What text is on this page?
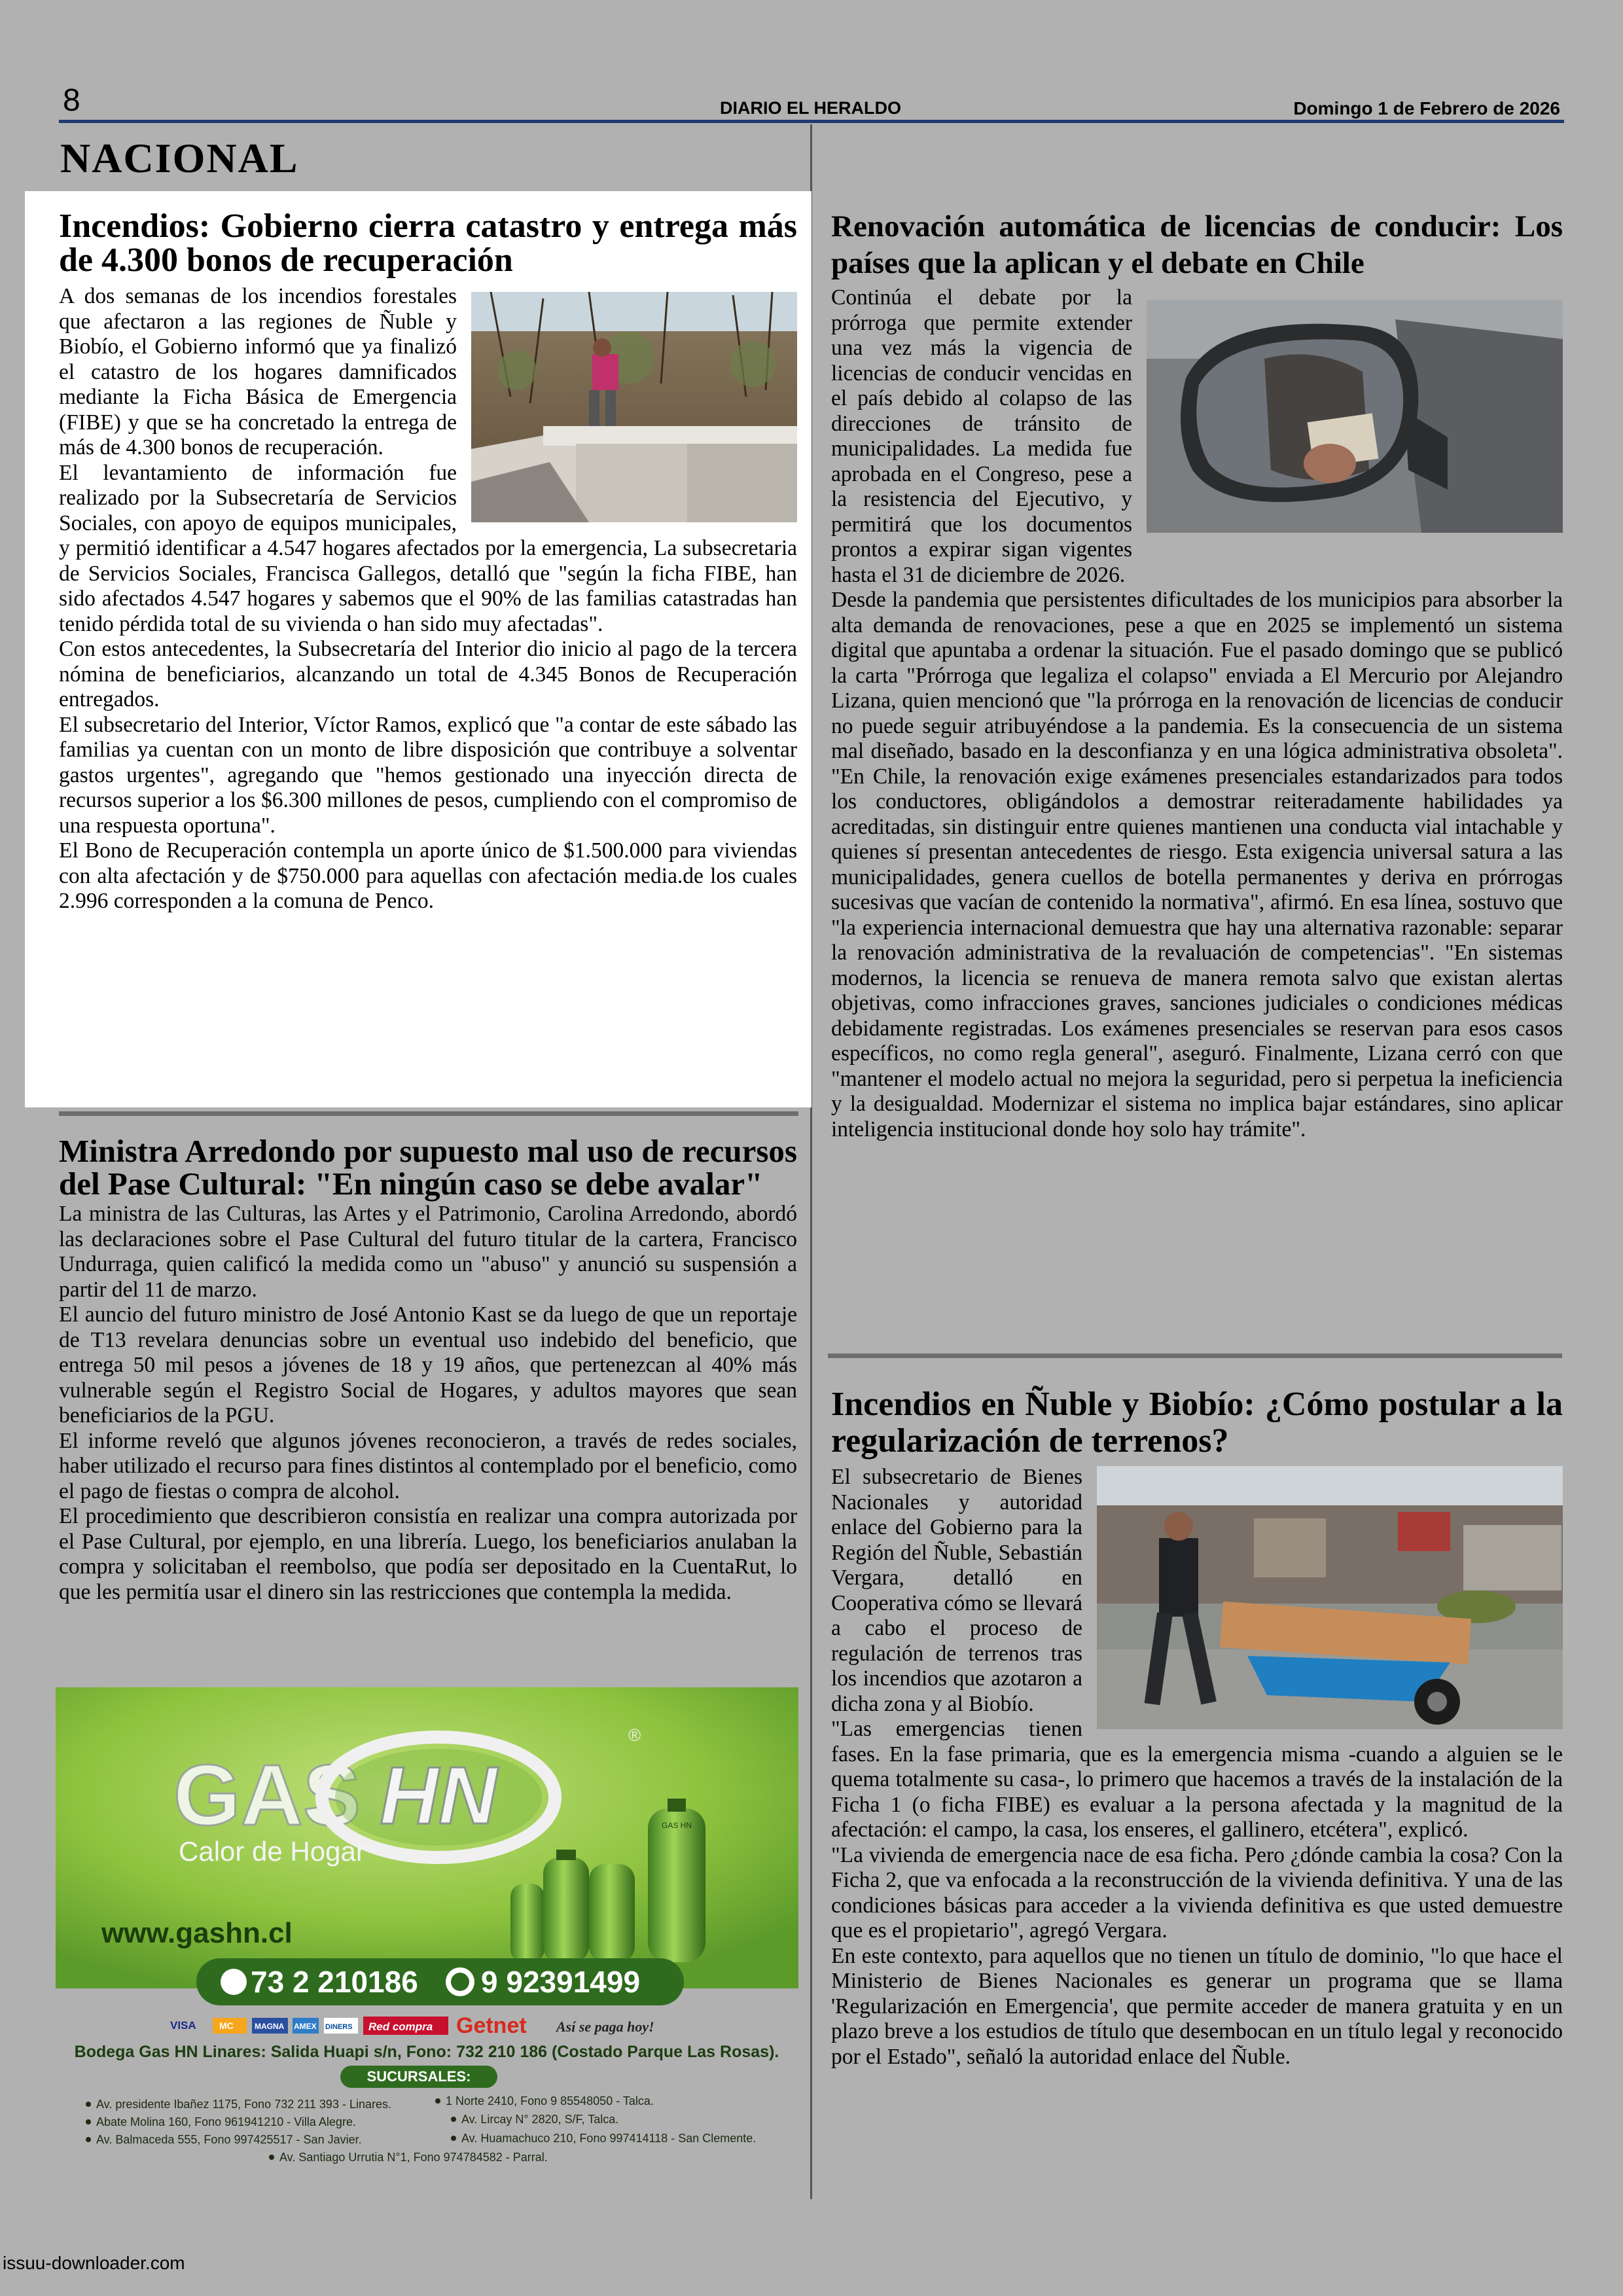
8	DIARIO EL HERALDO	Domingo 1 de Febrero de 2026
NACIONAL
Incendios: Gobierno cierra catastro y entrega más de 4.300 bonos de recuperación

A dos semanas de los incendios forestales que afectaron a las regiones de Ñuble y Biobío, el Gobierno informó que ya finalizó el catastro de los hogares damnificados mediante la Ficha Básica de Emergencia (FIBE) y que se ha concretado la entrega de más de 4.300 bonos de recuperación.

El levantamiento de información fue realizado por la Subsecretaría de Servicios Sociales, con apoyo de equipos municipales, y permitió identificar a 4.547 hogares afectados por la emergencia, La subsecretaria de Servicios Sociales, Francisca Gallegos, detalló que "según la ficha FIBE, han sido afectados 4.547 hogares y sabemos que el 90% de las familias catastradas han tenido pérdida total de su vivienda o han sido muy afectadas".

Con estos antecedentes, la Subsecretaría del Interior dio inicio al pago de la tercera nómina de beneficiarios, alcanzando un total de 4.345 Bonos de Recuperación entregados.

El subsecretario del Interior, Víctor Ramos, explicó que "a contar de este sábado las familias ya cuentan con un monto de libre disposición que contribuye a solventar gastos urgentes", agregando que "hemos gestionado una inyección directa de recursos superior a los $6.300 millones de pesos, cumpliendo con el compromiso de una respuesta oportuna".

El Bono de Recuperación contempla un aporte único de $1.500.000 para viviendas con alta afectación y de $750.000 para aquellas con afectación media.de los cuales 2.996 corresponden a la comuna de Penco.

Ministra Arredondo por supuesto mal uso de recursos del Pase Cultural: "En ningún caso se debe avalar"

La ministra de las Culturas, las Artes y el Patrimonio, Carolina Arredondo, abordó las declaraciones sobre el Pase Cultural del futuro titular de la cartera, Francisco Undurraga, quien calificó la medida como un "abuso" y anunció su suspensión a partir del 11 de marzo.

El auncio del futuro ministro de José Antonio Kast se da luego de que un reportaje de T13 revelara denuncias sobre un eventual uso indebido del beneficio, que entrega 50 mil pesos a jóvenes de 18 y 19 años, que pertenezcan al 40% más vulnerable según el Registro Social de Hogares, y adultos mayores que sean beneficiarios de la PGU.

El informe reveló que algunos jóvenes reconocieron, a través de redes sociales, haber utilizado el recurso para fines distintos al contemplado por el beneficio, como el pago de fiestas o compra de alcohol.

El procedimiento que describieron consistía en realizar una compra autorizada por el Pase Cultural, por ejemplo, en una librería. Luego, los beneficiarios anulaban la compra y solicitaban el reembolso, que podía ser depositado en la CuentaRut, lo que les permitía usar el dinero sin las restricciones que contempla la medida.

GAS HN
®
Calor de Hogar
GAS HN
www.gashn.cl
73 2 210186 9 92391499
VISA	MC	MAGNA AMEX DINERS Red compra Getnet Así se paga hoy!
Bodega Gas HN Linares: Salida Huapi s/n, Fono: 732 210 186 (Costado Parque Las Rosas).
SUCURSALES:
Av. presidente Ibañez 1175, Fono 732 211 393 - Linares.
Abate Molina 160, Fono 961941210 - Villa Alegre.
Av. Balmaceda 555, Fono 997425517 - San Javier.
1 Norte 2410, Fono 9 85548050 - Talca.
Av. Lircay N° 2820, S/F, Talca.
Av. Huamachuco 210, Fono 997414118 - San Clemente.
Av. Santiago Urrutia N°1, Fono 974784582 - Parral.
Renovación automática de licencias de conducir: Los países que la aplican y el debate en Chile

Continúa el debate por la prórroga que permite extender una vez más la vigencia de licencias de conducir vencidas en el país debido al colapso de las direcciones de tránsito de municipalidades. La medida fue aprobada en el Congreso, pese a la resistencia del Ejecutivo, y permitirá que los documentos prontos a expirar sigan vigentes hasta el 31 de diciembre de 2026.

Desde la pandemia que persistentes dificultades de los municipios para absorber la alta demanda de renovaciones, pese a que en 2025 se implementó un sistema digital que apuntaba a ordenar la situación. Fue el pasado domingo que se publicó la carta "Prórroga que legaliza el colapso" enviada a El Mercurio por Alejandro Lizana, quien mencionó que "la prórroga en la renovación de licencias de conducir no puede seguir atribuyéndose a la pandemia. Es la consecuencia de un sistema mal diseñado, basado en la desconfianza y en una lógica administrativa obsoleta". "En Chile, la renovación exige exámenes presenciales estandarizados para todos los conductores, obligándolos a demostrar reiteradamente habilidades ya acreditadas, sin distinguir entre quienes mantienen una conducta vial intachable y quienes sí presentan antecedentes de riesgo. Esta exigencia universal satura a las municipalidades, genera cuellos de botella permanentes y deriva en prórrogas sucesivas que vacían de contenido la normativa", afirmó. En esa línea, sostuvo que "la experiencia internacional demuestra que hay una alternativa razonable: separar la renovación administrativa de la revaluación de competencias". "En sistemas modernos, la licencia se renueva de manera remota salvo que existan alertas objetivas, como infracciones graves, sanciones judiciales o condiciones médicas debidamente registradas. Los exámenes presenciales se reservan para esos casos específicos, no como regla general", aseguró. Finalmente, Lizana cerró con que "mantener el modelo actual no mejora la seguridad, pero si perpetua la ineficiencia y la desigualdad. Modernizar el sistema no implica bajar estándares, sino aplicar inteligencia institucional donde hoy solo hay trámite".

Incendios en Ñuble y Biobío: ¿Cómo postular a la regularización de terrenos?

El subsecretario de Bienes Nacionales y autoridad enlace del Gobierno para la Región del Ñuble, Sebastián Vergara, detalló en Cooperativa cómo se llevará a cabo el proceso de regulación de terrenos tras los incendios que azotaron a dicha zona y al Biobío.

"Las emergencias tienen fases. En la fase primaria, que es la emergencia misma -cuando a alguien se le quema totalmente su casa-, lo primero que hacemos a través de la instalación de la Ficha 1 (o ficha FIBE) es evaluar a la persona afectada y la magnitud de la afectación: el campo, la casa, los enseres, el gallinero, etcétera", explicó.

"La vivienda de emergencia nace de esa ficha. Pero ¿dónde cambia la cosa? Con la Ficha 2, que va enfocada a la reconstrucción de la vivienda definitiva. Y una de las condiciones básicas para acceder a la vivienda definitiva es que usted demuestre que es el propietario", agregó Vergara.

En este contexto, para aquellos que no tienen un título de dominio, "lo que hace el Ministerio de Bienes Nacionales es generar un programa que se llama 'Regularización en Emergencia', que permite acceder de manera gratuita y en un plazo breve a los estudios de título que desembocan en un título legal y reconocido por el Estado", señaló la autoridad enlace del Ñuble.

issuu-downloader.com
